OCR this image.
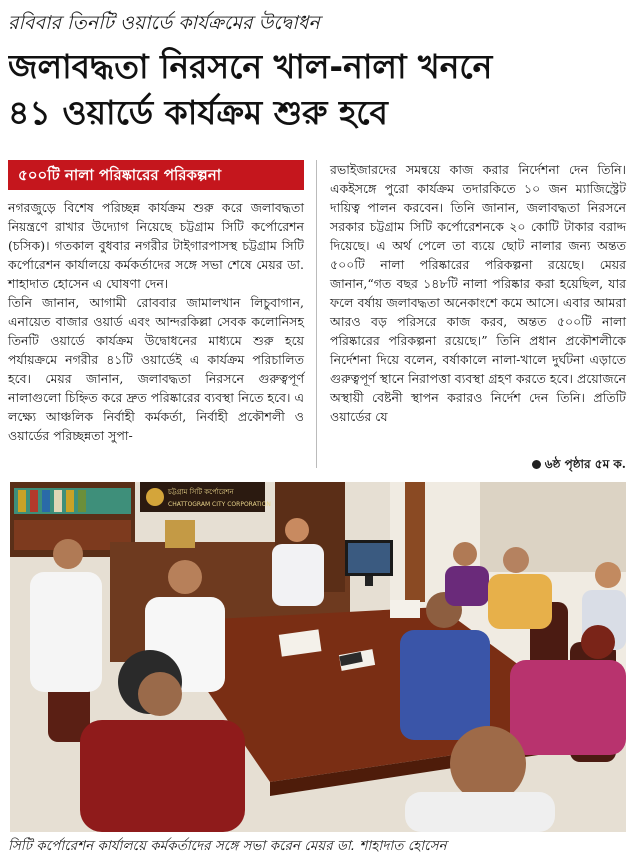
রবিবার তিনটি ওয়ার্ডে কার্যক্রমের উদ্বোধন
জলাবদ্ধতা নিরসনে খাল-নালা খননে
৪১ ওয়ার্ডে কার্যক্রম শুরু হবে
৫০০টি নালা পরিষ্কারের পরিকল্পনা

নগরজুড়ে বিশেষ পরিচ্ছন্ন কার্যক্রম শুরু করে জলাবদ্ধতা নিয়ন্ত্রণে রাখার উদ্যোগ নিয়েছে চট্টগ্রাম সিটি কর্পোরেশন (চসিক)। গতকাল বুধবার নগরীর টাইগারপাসস্থ চট্টগ্রাম সিটি কর্পোরেশন কার্যালয়ে কর্মকর্তাদের সঙ্গে সভা শেষে মেয়র ডা. শাহাদাত হোসেন এ ঘোষণা দেন।

তিনি জানান, আগামী রোববার জামালখান লিচুবাগান, এনায়েত বাজার ওয়ার্ড এবং আন্দরকিল্লা সেবক কলোনিসহ তিনটি ওয়ার্ডে কার্যক্রম উদ্বোধনের মাধ্যমে শুরু হয়ে পর্যায়ক্রমে নগরীর ৪১টি ওয়ার্ডেই এ কার্যক্রম পরিচালিত হবে। মেয়র জানান, জলাবদ্ধতা নিরসনে গুরুত্বপূর্ণ নালাগুলো চিহ্নিত করে দ্রুত পরিষ্কারের ব্যবস্থা নিতে হবে। এ লক্ষ্যে আঞ্চলিক নির্বাহী কর্মকর্তা, নির্বাহী প্রকৌশলী ও ওয়ার্ডের পরিচ্ছন্নতা সুপা-

রভাইজারদের সমন্বয়ে কাজ করার নির্দেশনা দেন তিনি। একইসঙ্গে পুরো কার্যক্রম তদারকিতে ১০ জন ম্যাজিস্ট্রেট দায়িত্ব পালন করবেন। তিনি জানান, জলাবদ্ধতা নিরসনে সরকার চট্টগ্রাম সিটি কর্পোরেশনকে ২০ কোটি টাকার বরাদ্দ দিয়েছে। এ অর্থ পেলে তা ব্যয়ে ছোট নালার জন্য অন্তত ৫০০টি নালা পরিষ্কারের পরিকল্পনা রয়েছে। মেয়র জানান,“গত বছর ১৪৮টি নালা পরিষ্কার করা হয়েছিল, যার ফলে বর্ষায় জলাবদ্ধতা অনেকাংশে কমে আসে। এবার আমরা আরও বড় পরিসরে কাজ করব, অন্তত ৫০০টি নালা পরিষ্কারের পরিকল্পনা রয়েছে।” তিনি প্রধান প্রকৌশলীকে নির্দেশনা দিয়ে বলেন, বর্ষাকালে নালা-খালে দুর্ঘটনা এড়াতে গুরুত্বপূর্ণ স্থানে নিরাপত্তা ব্যবস্থা গ্রহণ করতে হবে। প্রয়োজনে অস্থায়ী বেষ্টনী স্থাপন করারও নির্দেশ দেন তিনি। প্রতিটি ওয়ার্ডের যে

৬ষ্ঠ পৃষ্ঠার ৫ম ক.
চট্টগ্রাম সিটি কর্পোরেশন
CHATTOGRAM CITY CORPORATION
সিটি কর্পোরেশন কার্যালয়ে কর্মকর্তাদের সঙ্গে সভা করেন মেয়র ডা. শাহাদাত হোসেন
